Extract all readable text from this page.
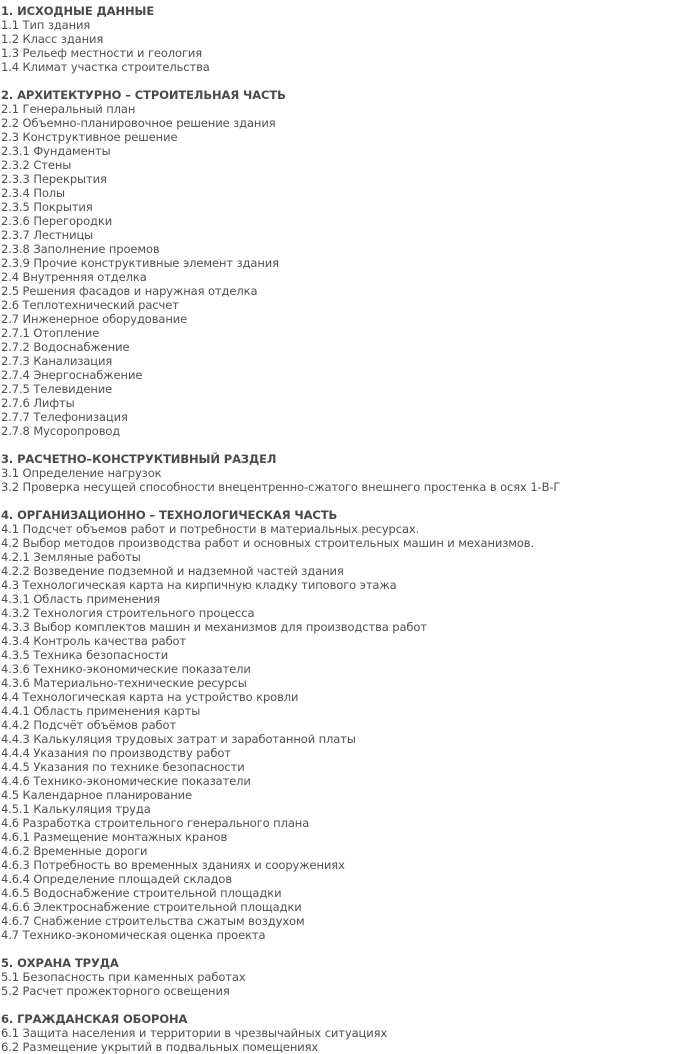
1. ИСХОДНЫЕ ДАННЫЕ
1.1 Тип здания
1.2 Класс здания
1.3 Рельеф местности и геология
1.4 Климат участка строительства
2. АРХИТЕКТУРНО – СТРОИТЕЛЬНАЯ ЧАСТЬ
2.1 Генеральный план
2.2 Объемно-планировочное решение здания
2.3 Конструктивное решение
2.3.1 Фундаменты
2.3.2 Стены
2.3.3 Перекрытия
2.3.4 Полы
2.3.5 Покрытия
2.3.6 Перегородки
2.3.7 Лестницы
2.3.8 Заполнение проемов
2.3.9 Прочие конструктивные элемент здания
2.4 Внутренняя отделка
2.5 Решения фасадов и наружная отделка
2.6 Теплотехнический расчет
2.7 Инженерное оборудование
2.7.1 Отопление
2.7.2 Водоснабжение
2.7.3 Канализация
2.7.4 Энергоснабжение
2.7.5 Телевидение
2.7.6 Лифты
2.7.7 Телефонизация
2.7.8 Мусоропровод
3. РАСЧЕТНО–КОНСТРУКТИВНЫЙ РАЗДЕЛ
3.1 Определение нагрузок
3.2 Проверка несущей способности внецентренно-сжатого внешнего простенка в осях 1-В-Г
4. ОРГАНИЗАЦИОННО – ТЕХНОЛОГИЧЕСКАЯ ЧАСТЬ
4.1 Подсчет объемов работ и потребности в материальных ресурсах.
4.2 Выбор методов производства работ и основных строительных машин и механизмов.
4.2.1 Земляные работы
4.2.2 Возведение подземной и надземной частей здания
4.3 Технологическая карта на кирпичную кладку типового этажа
4.3.1 Область применения
4.3.2 Технология строительного процесса
4.3.3 Выбор комплектов машин и механизмов для производства работ
4.3.4 Контроль качества работ
4.3.5 Техника безопасности
4.3.6 Технико-экономические показатели
4.3.6 Материально-технические ресурсы
4.4 Технологическая карта на устройство кровли
4.4.1 Область применения карты
4.4.2 Подсчёт объёмов работ
4.4.3 Калькуляция трудовых затрат и заработанной платы
4.4.4 Указания по производству работ
4.4.5 Указания по технике безопасности
4.4.6 Технико-экономические показатели
4.5 Календарное планирование
4.5.1 Калькуляция труда
4.6 Разработка строительного генерального плана
4.6.1 Размещение монтажных кранов
4.6.2 Временные дороги
4.6.3 Потребность во временных зданиях и сооружениях
4.6.4 Определение площадей складов
4.6.5 Водоснабжение строительной площадки
4.6.6 Электроснабжение строительной площадки
4.6.7 Снабжение строительства сжатым воздухом
4.7 Технико-экономическая оценка проекта
5. ОХРАНА ТРУДА
5.1 Безопасность при каменных работах
5.2 Расчет прожекторного освещения
6. ГРАЖДАНСКАЯ ОБОРОНА
6.1 Защита населения и территории в чрезвычайных ситуациях
6.2 Размещение укрытий в подвальных помещениях
